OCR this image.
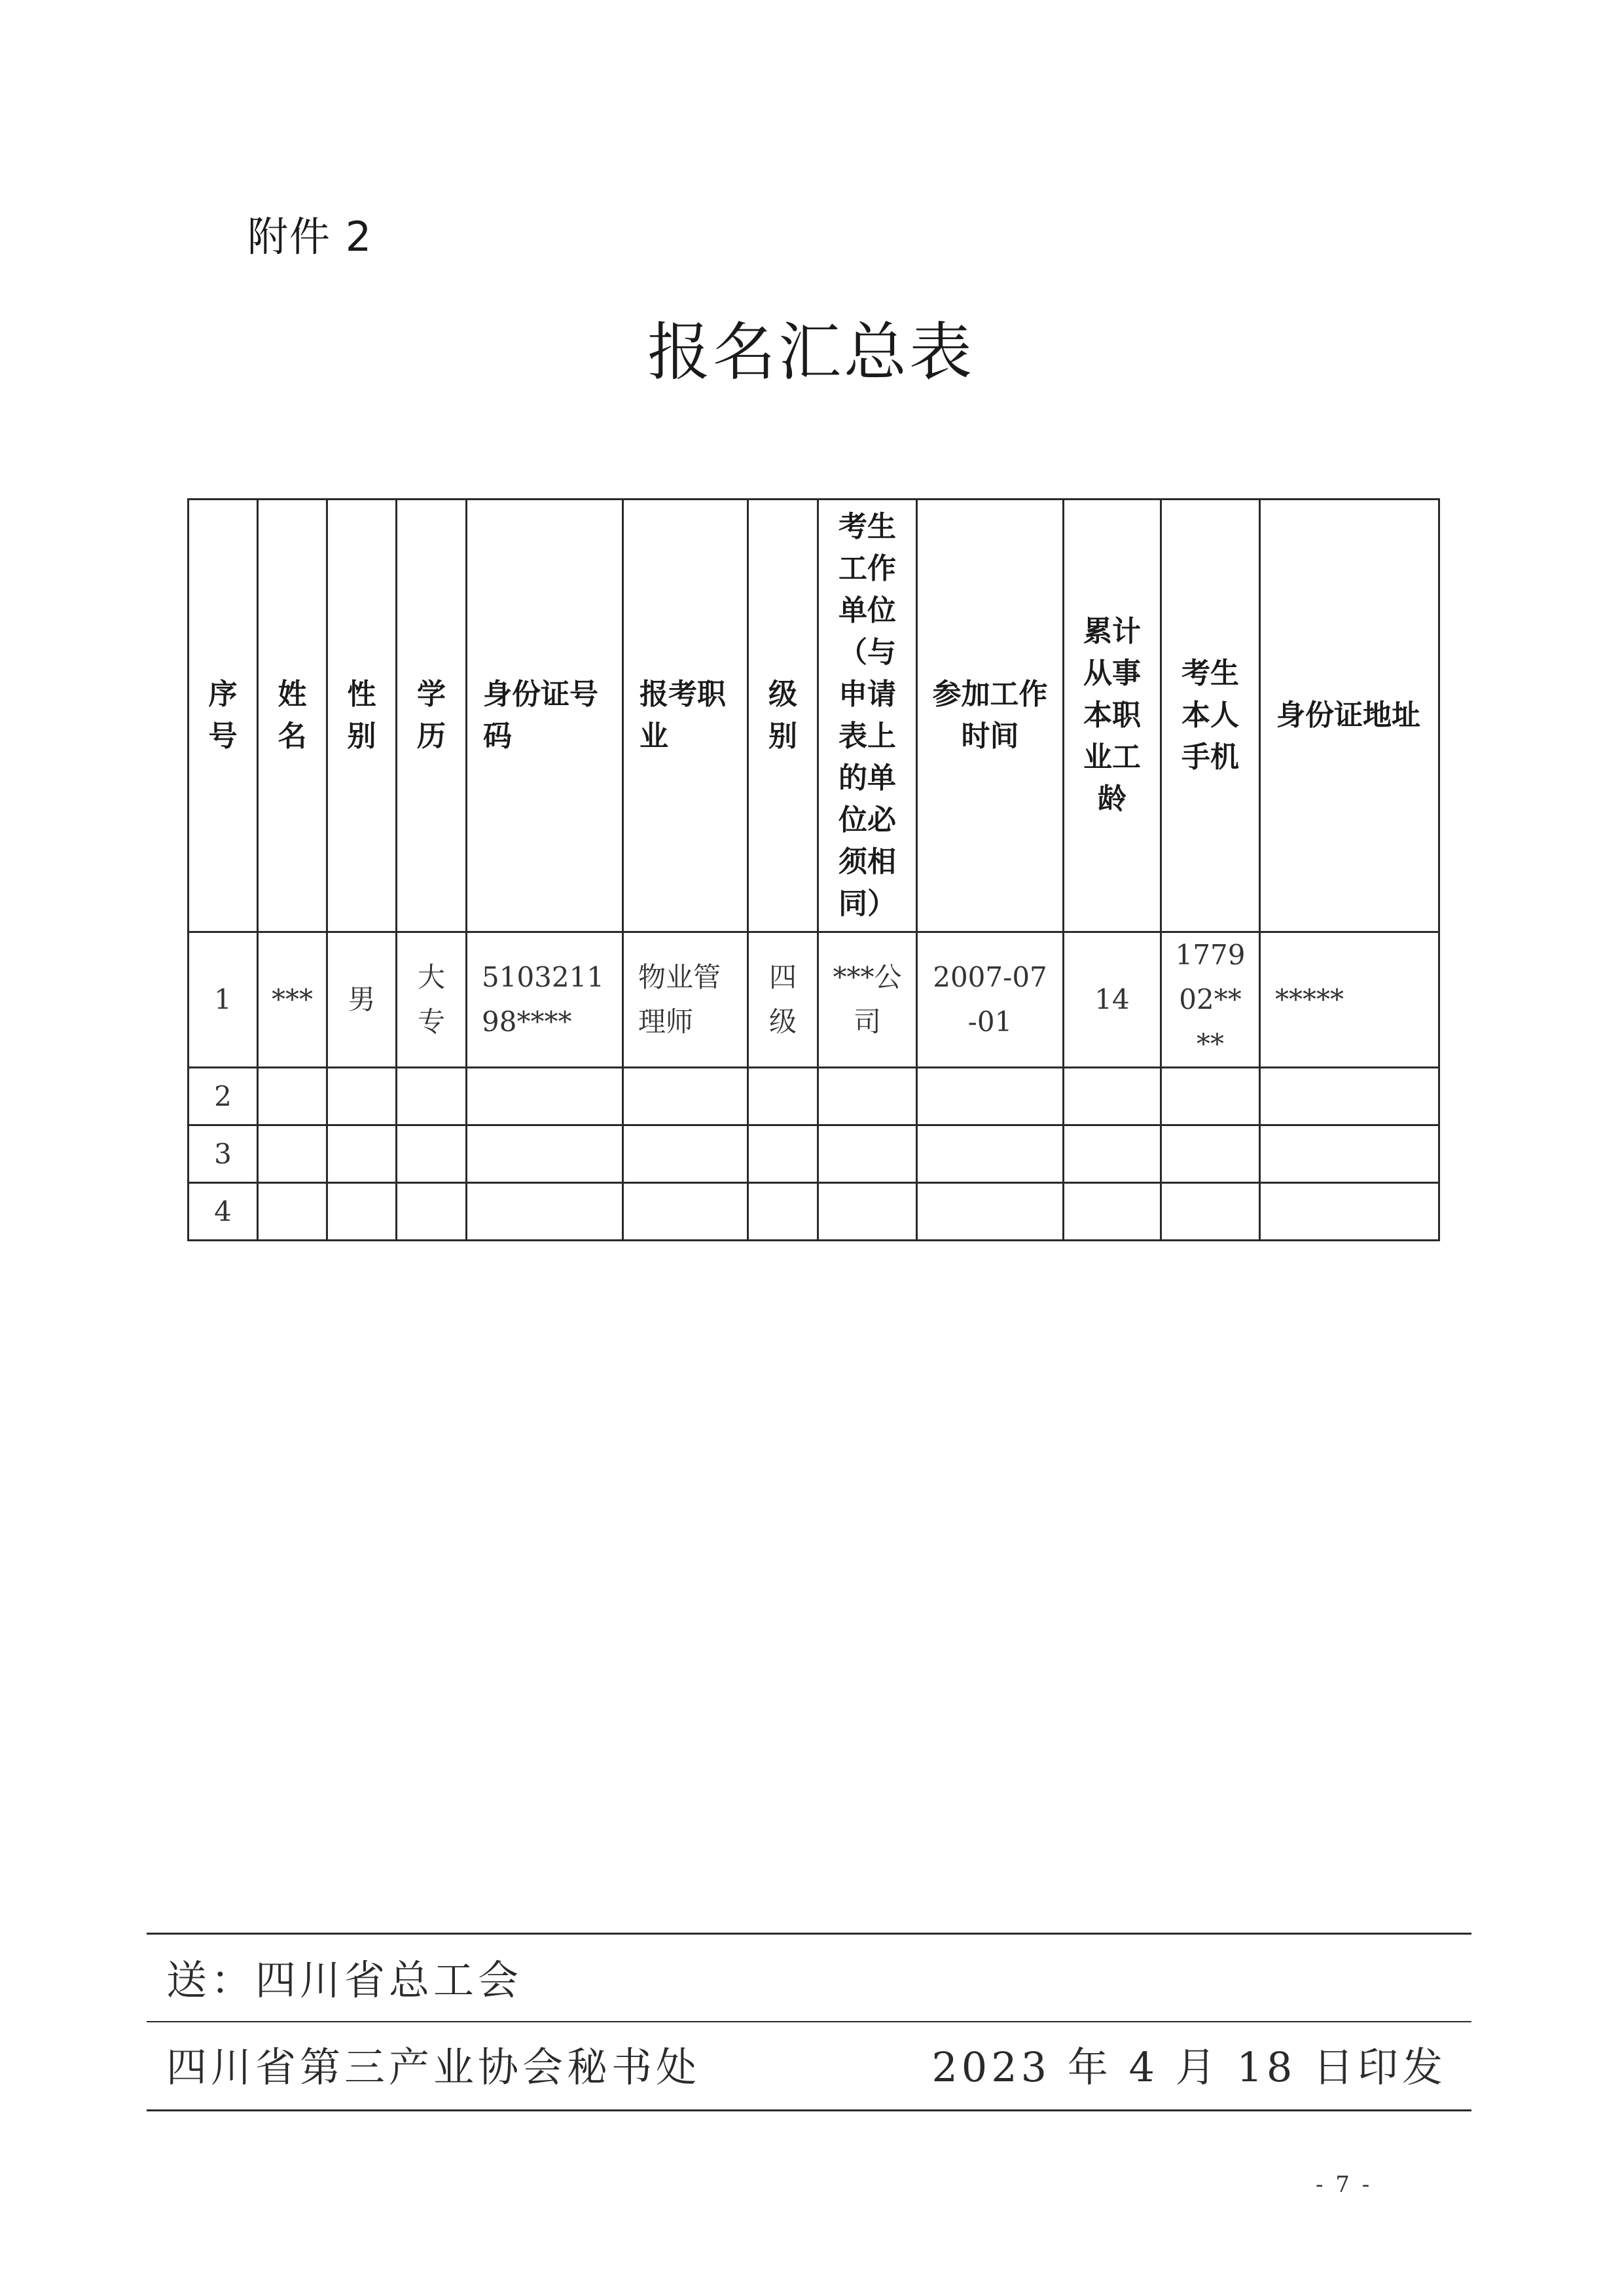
附件 2
报名汇总表
序号	姓名	性别	学历	身份证号码	报考职业	级别	考生工作单位（与申请表上的单位必须相同）	参加工作时间	累计从事本职业工龄	考生本人手机	身份证地址

1	***	男	大专	510321198****	物业管理师	四级	***公司	2007-07-01	14	177902****	*****

2											

3											

4											

送：四川省总工会
四川省第三产业协会秘书处	2023 年 4 月 18 日印发
- 7 -
